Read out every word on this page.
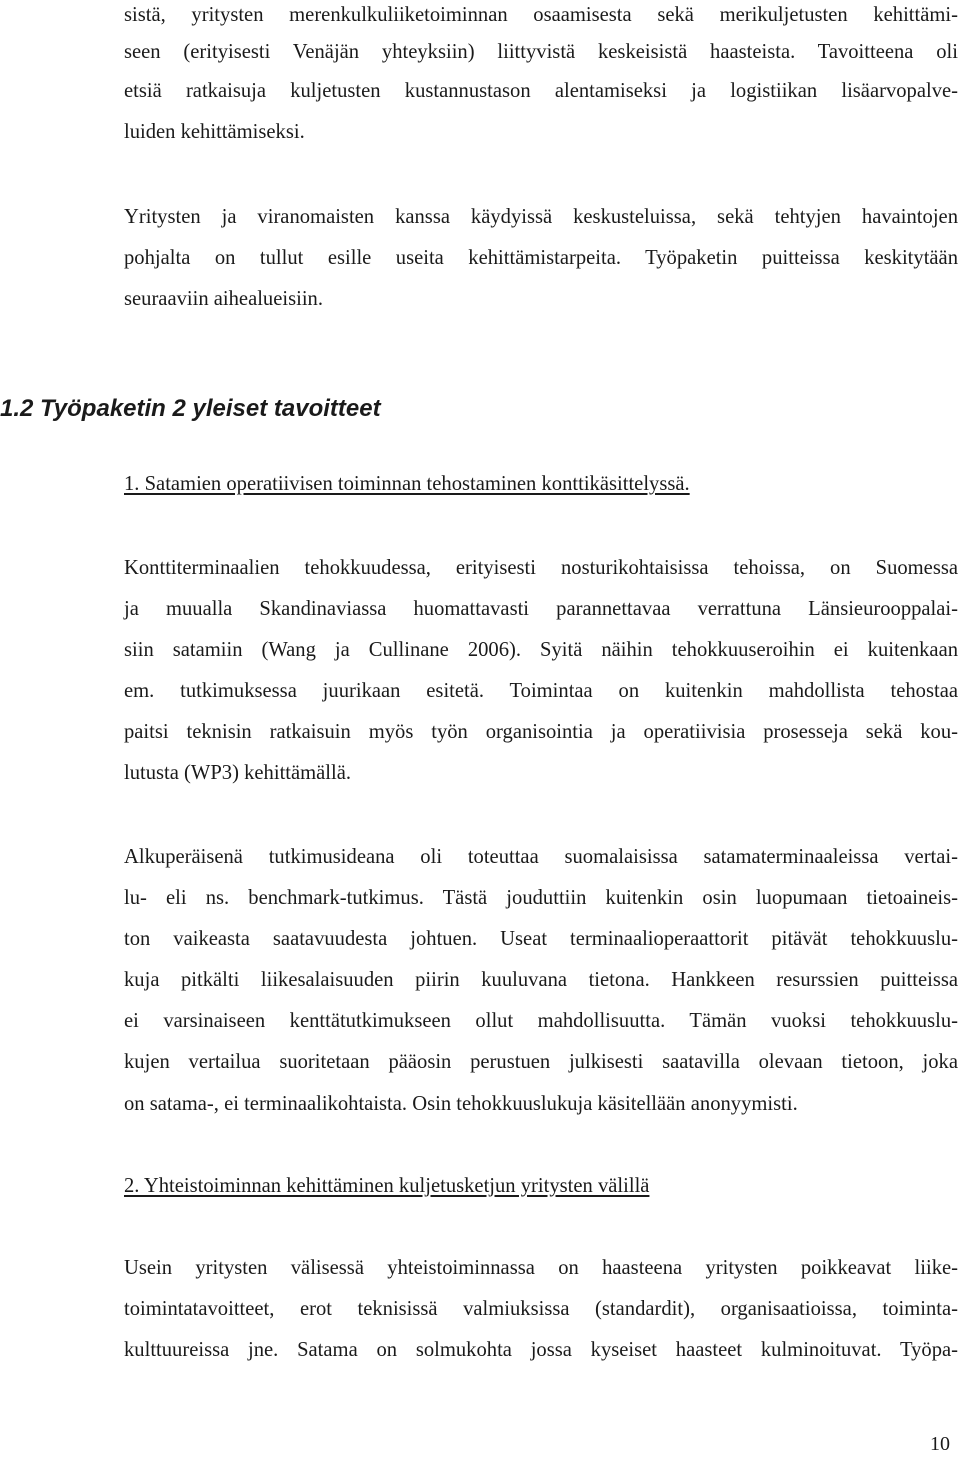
sistä, yritysten merenkulkuliiketoiminnan osaamisesta sekä merikuljetusten kehittämi-
seen (erityisesti Venäjän yhteyksiin) liittyvistä keskeisistä haasteista. Tavoitteena oli
etsiä ratkaisuja kuljetusten kustannustason alentamiseksi ja logistiikan lisäarvopalve-
luiden kehittämiseksi.
Yritysten ja viranomaisten kanssa käydyissä keskusteluissa, sekä tehtyjen havaintojen
pohjalta on tullut esille useita kehittämistarpeita. Työpaketin puitteissa keskitytään
seuraaviin aihealueisiin.
1.2 Työpaketin 2 yleiset tavoitteet
1. Satamien operatiivisen toiminnan tehostaminen konttikäsittelyssä.
Konttiterminaalien tehokkuudessa, erityisesti nosturikohtaisissa tehoissa, on Suomessa
ja muualla Skandinaviassa huomattavasti parannettavaa verrattuna Länsieurooppalai-
siin satamiin (Wang ja Cullinane 2006). Syitä näihin tehokkuuseroihin ei kuitenkaan
em. tutkimuksessa juurikaan esitetä. Toimintaa on kuitenkin mahdollista tehostaa
paitsi teknisin ratkaisuin myös työn organisointia ja operatiivisia prosesseja sekä kou-
lutusta (WP3) kehittämällä.
Alkuperäisenä tutkimusideana oli toteuttaa suomalaisissa satamaterminaaleissa vertai-
lu- eli ns. benchmark-tutkimus. Tästä jouduttiin kuitenkin osin luopumaan tietoaineis-
ton vaikeasta saatavuudesta johtuen. Useat terminaalioperaattorit pitävät tehokkuuslu-
kuja pitkälti liikesalaisuuden piirin kuuluvana tietona. Hankkeen resurssien puitteissa
ei varsinaiseen kenttätutkimukseen ollut mahdollisuutta. Tämän vuoksi tehokkuuslu-
kujen vertailua suoritetaan pääosin perustuen julkisesti saatavilla olevaan tietoon, joka
on satama-, ei terminaalikohtaista. Osin tehokkuuslukuja käsitellään anonyymisti.
2. Yhteistoiminnan kehittäminen kuljetusketjun yritysten välillä
Usein yritysten välisessä yhteistoiminnassa on haasteena yritysten poikkeavat liike-
toimintatavoitteet, erot teknisissä valmiuksissa (standardit), organisaatioissa, toiminta-
kulttuureissa jne. Satama on solmukohta jossa kyseiset haasteet kulminoituvat. Työpa-
10
